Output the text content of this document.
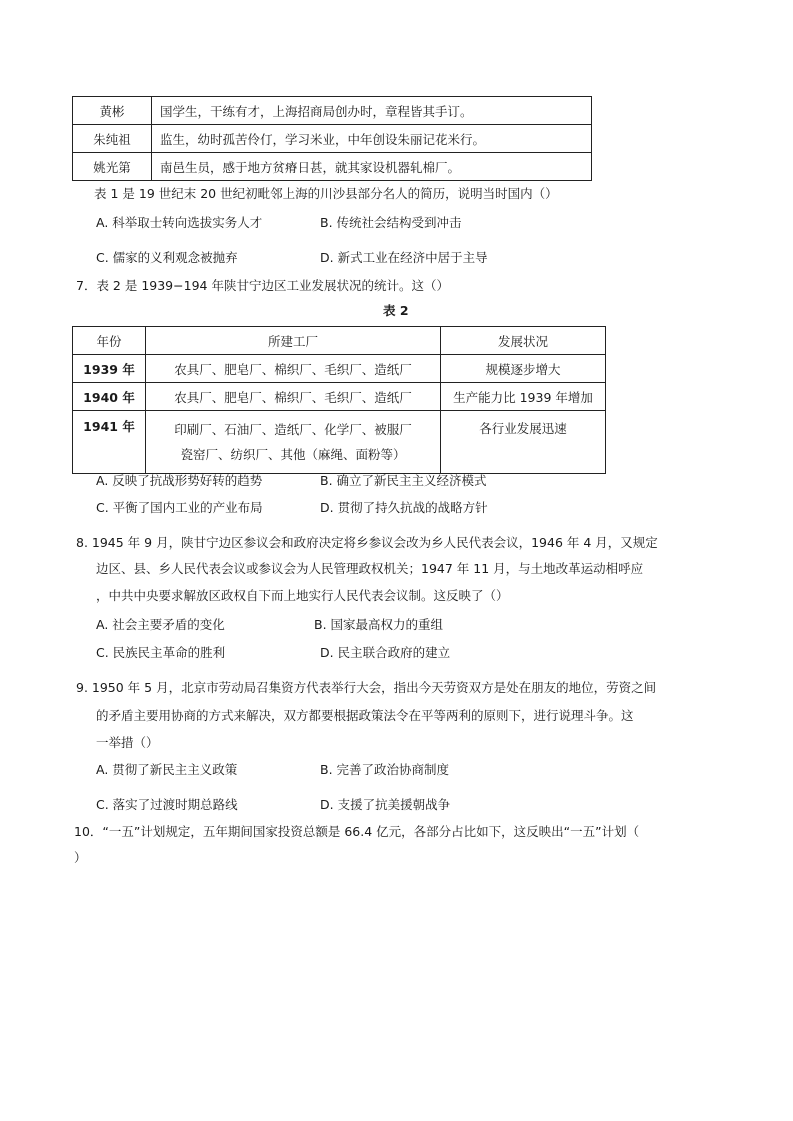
黄彬	国学生，干练有才，上海招商局创办时，章程皆其手订。
朱纯祖	监生，幼时孤苦伶仃，学习米业，中年创设朱丽记花米行。
姚光第	南邑生员，感于地方贫瘠日甚，就其家设机器轧棉厂。
表 1 是 19 世纪末 20 世纪初毗邻上海的川沙县部分名人的简历，说明当时国内（）
A. 科举取士转向选拔实务人才	B. 传统社会结构受到冲击
C. 儒家的义利观念被抛弃	D. 新式工业在经济中居于主导
7．表 2 是 1939−194 年陕甘宁边区工业发展状况的统计。这（）
表 2
年份	所建工厂	发展状况
1939 年	农具厂、肥皂厂、棉织厂、毛织厂、造纸厂	规模逐步增大
1940 年	农具厂、肥皂厂、棉织厂、毛织厂、造纸厂	生产能力比 1939 年增加
1941 年	印刷厂、石油厂、造纸厂、化学厂、被服厂
瓷窑厂、纺织厂、其他（麻绳、面粉等）	各行业发展迅速
A. 反映了抗战形势好转的趋势	B. 确立了新民主主义经济模式
C. 平衡了国内工业的产业布局	D. 贯彻了持久抗战的战略方针
8. 1945 年 9 月，陕甘宁边区参议会和政府决定将乡参议会改为乡人民代表会议，1946 年 4 月，又规定
边区、县、乡人民代表会议或参议会为人民管理政权机关；1947 年 11 月，与土地改革运动相呼应
，中共中央要求解放区政权自下而上地实行人民代表会议制。这反映了（）
A. 社会主要矛盾的变化	B. 国家最高权力的重组
C. 民族民主革命的胜利	D. 民主联合政府的建立
9. 1950 年 5 月，北京市劳动局召集资方代表举行大会，指出今天劳资双方是处在朋友的地位，劳资之间
的矛盾主要用协商的方式来解决，双方都要根据政策法令在平等两利的原则下，进行说理斗争。这
一举措（）
A. 贯彻了新民主主义政策	B. 完善了政治协商制度
C. 落实了过渡时期总路线	D. 支援了抗美援朝战争
10．“一五”计划规定，五年期间国家投资总额是 66.4 亿元，各部分占比如下，这反映出“一五”计划（
）
